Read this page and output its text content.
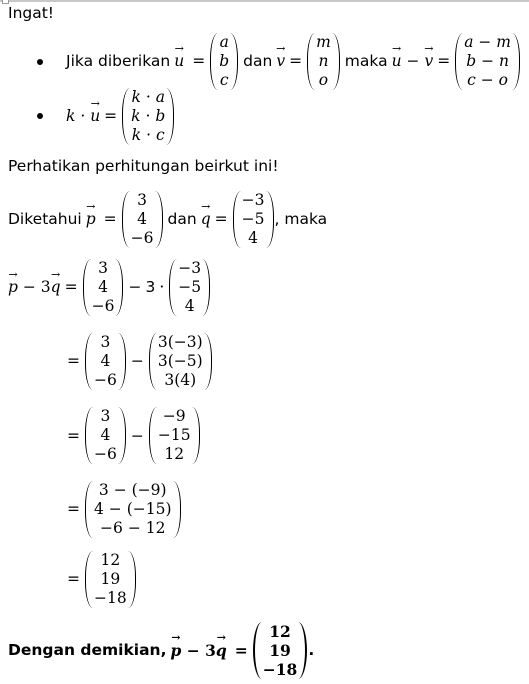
Ingat!
Jika diberikan → u =
a
b
c
dan → v =
m
n
o
maka → u − → v =
a − m
b − n
c − o
k · → u =
k · a
k · b
k · c
Perhatikan perhitungan beirkut ini!
Diketahui → p =
3
4
−6
dan → q =
−3
−5
4
, maka
→ p − 3→ q =
3
4
−6
− 3 ·
−3
−5
4
=
3
4
−6
−
3(−3)
3(−5)
3(4)
=
3
4
−6
−
−9
−15
12
=
3 − (−9)
4 − (−15)
−6 − 12
=
12
19
−18
Dengan demikian, → p − 3→ q =
12
19
−18
.
